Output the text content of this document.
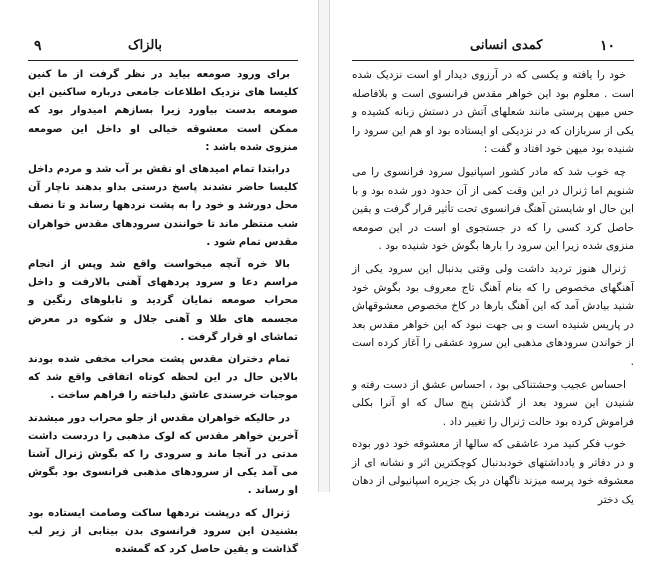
۹	بالزاک

برای ورود صومعه بیاید در نظر گرفت از ما کنین کلیسا های نزدیک اطلاعات جامعی درباره ساکنین این صومعه بدست بیاورد زیرا بسازهم امیدوار بود که ممکن است معشوقه خیالی او داخل این صومعه منزوی شده باشد :

درابتدا تمام امیدهای او نقش بر آب شد و مردم داخل کلیسا حاضر نشدند پاسخ درستی بداو بدهند ناچار آن محل دورشد و خود را به پشت نردهها رساند و تا نصف شب منتظر ماند تا خوانندن سرودهای مقدس خواهران مقدس تمام شود .

بالا خره آنچه میخواست واقع شد وپس از انجام مراسم دعا و سرود پردههای آهنی بالارفت و داخل محراب صومعه نمایان گردید و تابلوهای رنگین و مجسمه های طلا و آهنی جلال و شکوه در معرض تماشای او قرار گرفت .

تمام دختران مقدس پشت محراب مخفی شده بودند بالاین حال در این لحظه کوتاه اتفاقی واقع شد که موجبات خرسندی عاشق دلباخته را فراهم ساخت .

در حالیکه خواهران مقدس از جلو محراب دور میشدند آخرین خواهر مقدس که لوک مذهبی را دردست داشت مدتی در آنجا ماند و سرودی را که بگوش ژنرال آشنا می آمد یکی از سرودهای مذهبی فرانسوی بود بگوش او رساند .

ژنرال که درپشت نردهها ساکت وصامت ایستاده بود بشنیدن این سرود فرانسوی بدن بیتابی از زیر لب گذاشت و یقین حاصل کرد که گمشده

کمدی انسانی	۱۰

خود را یافته و یکسی که در آرزوی دیدار او است نزدیک شده است . معلوم بود این خواهر مقدس فرانسوی است و بلافاصله حس میهن پرستی مانند شعلهای آتش در دستش زبانه کشیده و یکی از سربازان که در نزدیکی او ایستاده بود او هم این سرود را شنیده بود میهن خود افتاد و گفت :

چه خوب شد که مادر کشور اسپانیول سرود فرانسوی را می شنویم اما ژنرال در این وقت کمی از آن حدود دور شده بود و با این حال او شایستن آهنگ فرانسوی تحت تأثیر قرار گرفت و یقین حاصل کرد کسی را که در جستجوی او است در این صومعه منزوی شده زیرا این سرود را بارها بگوش خود شنیده بود .

ژنرال هنوز تردید داشت ولی وقتی بدنبال این سرود یکی از آهنگهای مخصوص را که بنام آهنگ تاج معروف بود بگوش خود شنید بیادش آمد که این آهنگ بارها در کاخ مخصوص معشوقهاش در پاریس شنیده است و بی جهت نبود که این خواهر مقدس بعد از خواندن سرودهای مذهبی این سرود عشقی را آغاز کرده است .

احساس عجیب وحشتناکی بود ، احساس عشق از دست رفته و شنیدن این سرود بعد از گذشتن پنج سال که او آنرا بکلی فراموش کرده بود حالت ژنرال را تغییر داد .

خوب فکر کنید مرد عاشقی که سالها از معشوقه خود دور بوده و در دفاتر و یادداشتهای خودبدنبال کوچکترین اثر و نشانه ای از معشوقه خود پرسه میزند ناگهان در یک جزیره اسپانیولی از دهان یک دختر
